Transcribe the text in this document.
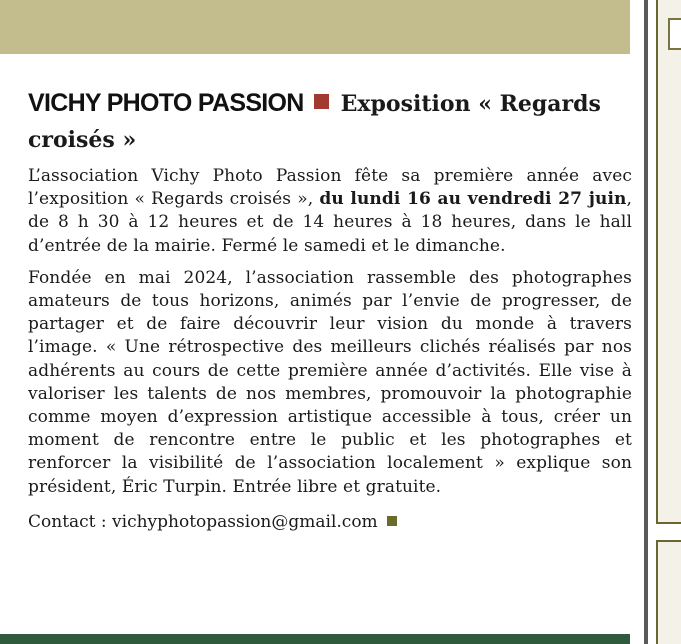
VICHY PHOTO PASSION Exposition « Regards croisés »

L’association Vichy Photo Passion fête sa première année avec l’exposition « Regards croisés », du lundi 16 au vendredi 27 juin, de 8 h 30 à 12 heures et de 14 heures à 18 heures, dans le hall d’entrée de la mairie. Fermé le samedi et le dimanche.

Fondée en mai 2024, l’association rassemble des photographes amateurs de tous horizons, animés par l’envie de progresser, de partager et de faire découvrir leur vision du monde à travers l’image. « Une rétrospective des meilleurs clichés réalisés par nos adhérents au cours de cette première année d’activités. Elle vise à valoriser les talents de nos membres, promouvoir la photographie comme moyen d’expression artistique accessible à tous, créer un moment de rencontre entre le public et les photographes et renforcer la visibilité de l’association localement » explique son président, Éric Turpin. Entrée libre et gratuite.

Contact : vichyphotopassion@gmail.com
